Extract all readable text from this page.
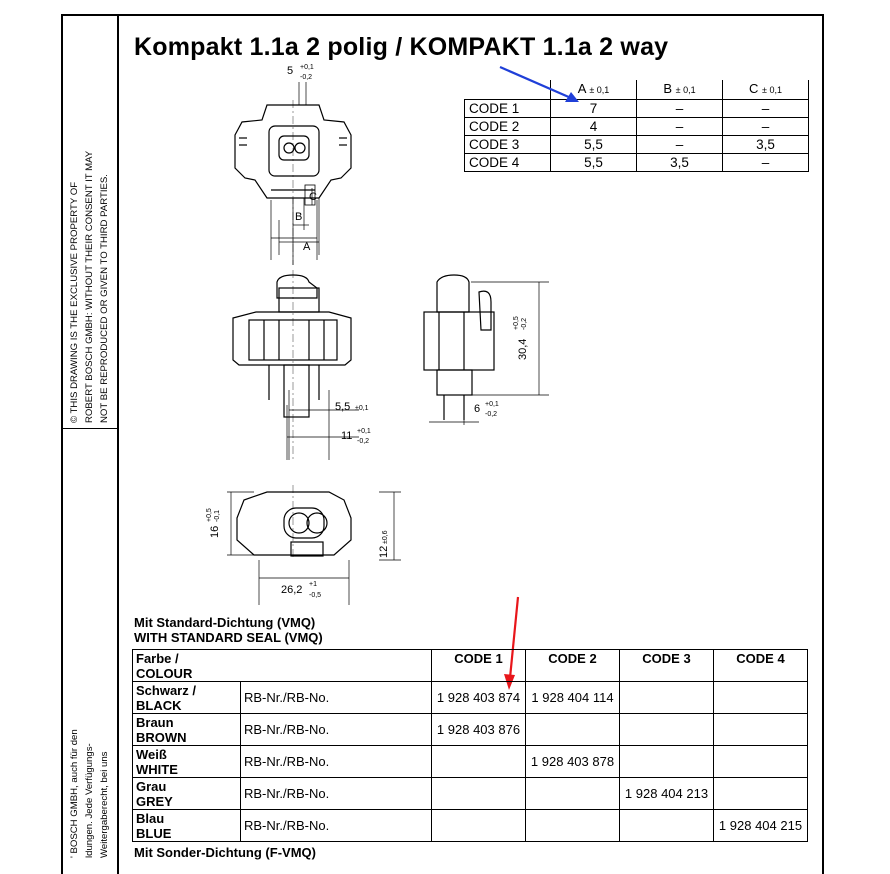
© THIS DRAWING IS THE EXCLUSIVE PROPERTY OF ROBERT BOSCH GMBH: WITHOUT THEIR CONSENT IT MAY NOT BE REPRODUCED OR GIVEN TO THIRD PARTIES.
' BOSCH GMBH, auch für den ldungen. Jede Verfügungs- Weitergaberecht, bei uns
Kompakt 1.1a 2 polig / KOMPAKT 1.1a 2 way
	A ± 0,1	B ± 0,1	C ± 0,1
CODE 1	7	–	–
CODE 2	4	–	–
CODE 3	5,5	–	3,5
CODE 4	5,5	3,5	–
5 +0,1
-0,2
C
B
A
5,5 ±0,1
11 +0,1
-0,2
6 +0,1
-0,2
30,4
+0,5 -0,2
16
+0,5 -0,1
12
±0,6
26,2 +1
-0,5
Mit Standard-Dichtung (VMQ)
WITH STANDARD SEAL (VMQ)
Farbe /
COLOUR		CODE 1	CODE 2	CODE 3	CODE 4
Schwarz /
BLACK	RB-Nr./RB-No.	1 928 403 874	1 928 404 114		
Braun
BROWN	RB-Nr./RB-No.	1 928 403 876			
Weiß
WHITE	RB-Nr./RB-No.		1 928 403 878		
Grau
GREY	RB-Nr./RB-No.			1 928 404 213	
Blau
BLUE	RB-Nr./RB-No.				1 928 404 215
Mit Sonder-Dichtung (F-VMQ)
